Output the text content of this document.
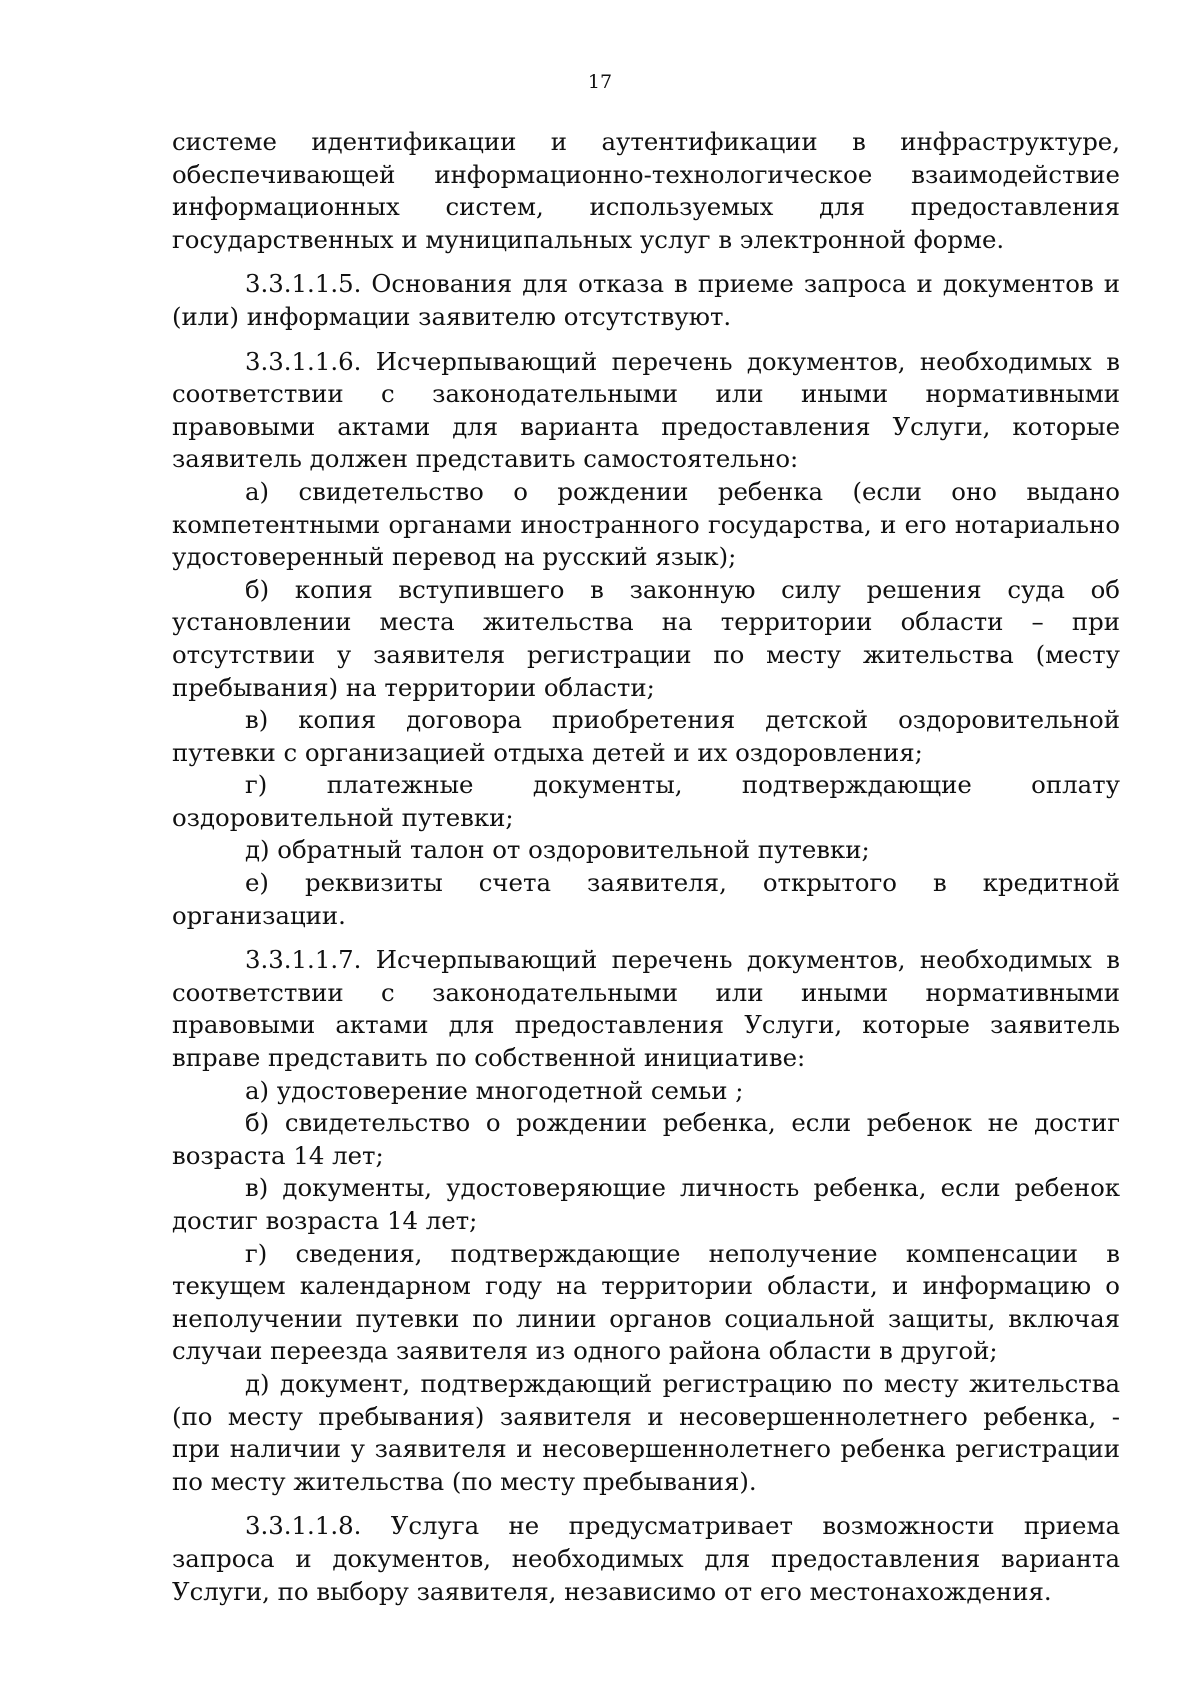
17

системе идентификации и аутентификации в инфраструктуре, обеспечивающей информационно-технологическое взаимодействие информационных систем, используемых для предоставления государственных и муниципальных услуг в электронной форме.

3.3.1.1.5. Основания для отказа в приеме запроса и документов и (или) информации заявителю отсутствуют.

3.3.1.1.6. Исчерпывающий перечень документов, необходимых в соответствии с законодательными или иными нормативными правовыми актами для варианта предоставления Услуги, которые заявитель должен представить самостоятельно:

а) свидетельство о рождении ребенка (если оно выдано компетентными органами иностранного государства, и его нотариально удостоверенный перевод на русский язык);

б) копия вступившего в законную силу решения суда об установлении места жительства на территории области – при отсутствии у заявителя регистрации по месту жительства (месту пребывания) на территории области;

в) копия договора приобретения детской оздоровительной путевки с организацией отдыха детей и их оздоровления;

г) платежные документы, подтверждающие оплату оздоровительной путевки;

д) обратный талон от оздоровительной путевки;

е) реквизиты счета заявителя, открытого в кредитной организации.

3.3.1.1.7. Исчерпывающий перечень документов, необходимых в соответствии с законодательными или иными нормативными правовыми актами для предоставления Услуги, которые заявитель вправе представить по собственной инициативе:

а) удостоверение многодетной семьи ;

б) свидетельство о рождении ребенка, если ребенок не достиг возраста 14 лет;

в) документы, удостоверяющие личность ребенка, если ребенок достиг возраста 14 лет;

г) сведения, подтверждающие неполучение компенсации в текущем календарном году на территории области, и информацию о неполучении путевки по линии органов социальной защиты, включая случаи переезда заявителя из одного района области в другой;

д) документ, подтверждающий регистрацию по месту жительства (по месту пребывания) заявителя и несовершеннолетнего ребенка, - при наличии у заявителя и несовершеннолетнего ребенка регистрации по месту жительства (по месту пребывания).

3.3.1.1.8. Услуга не предусматривает возможности приема запроса и документов, необходимых для предоставления варианта Услуги, по выбору заявителя, независимо от его местонахождения.
